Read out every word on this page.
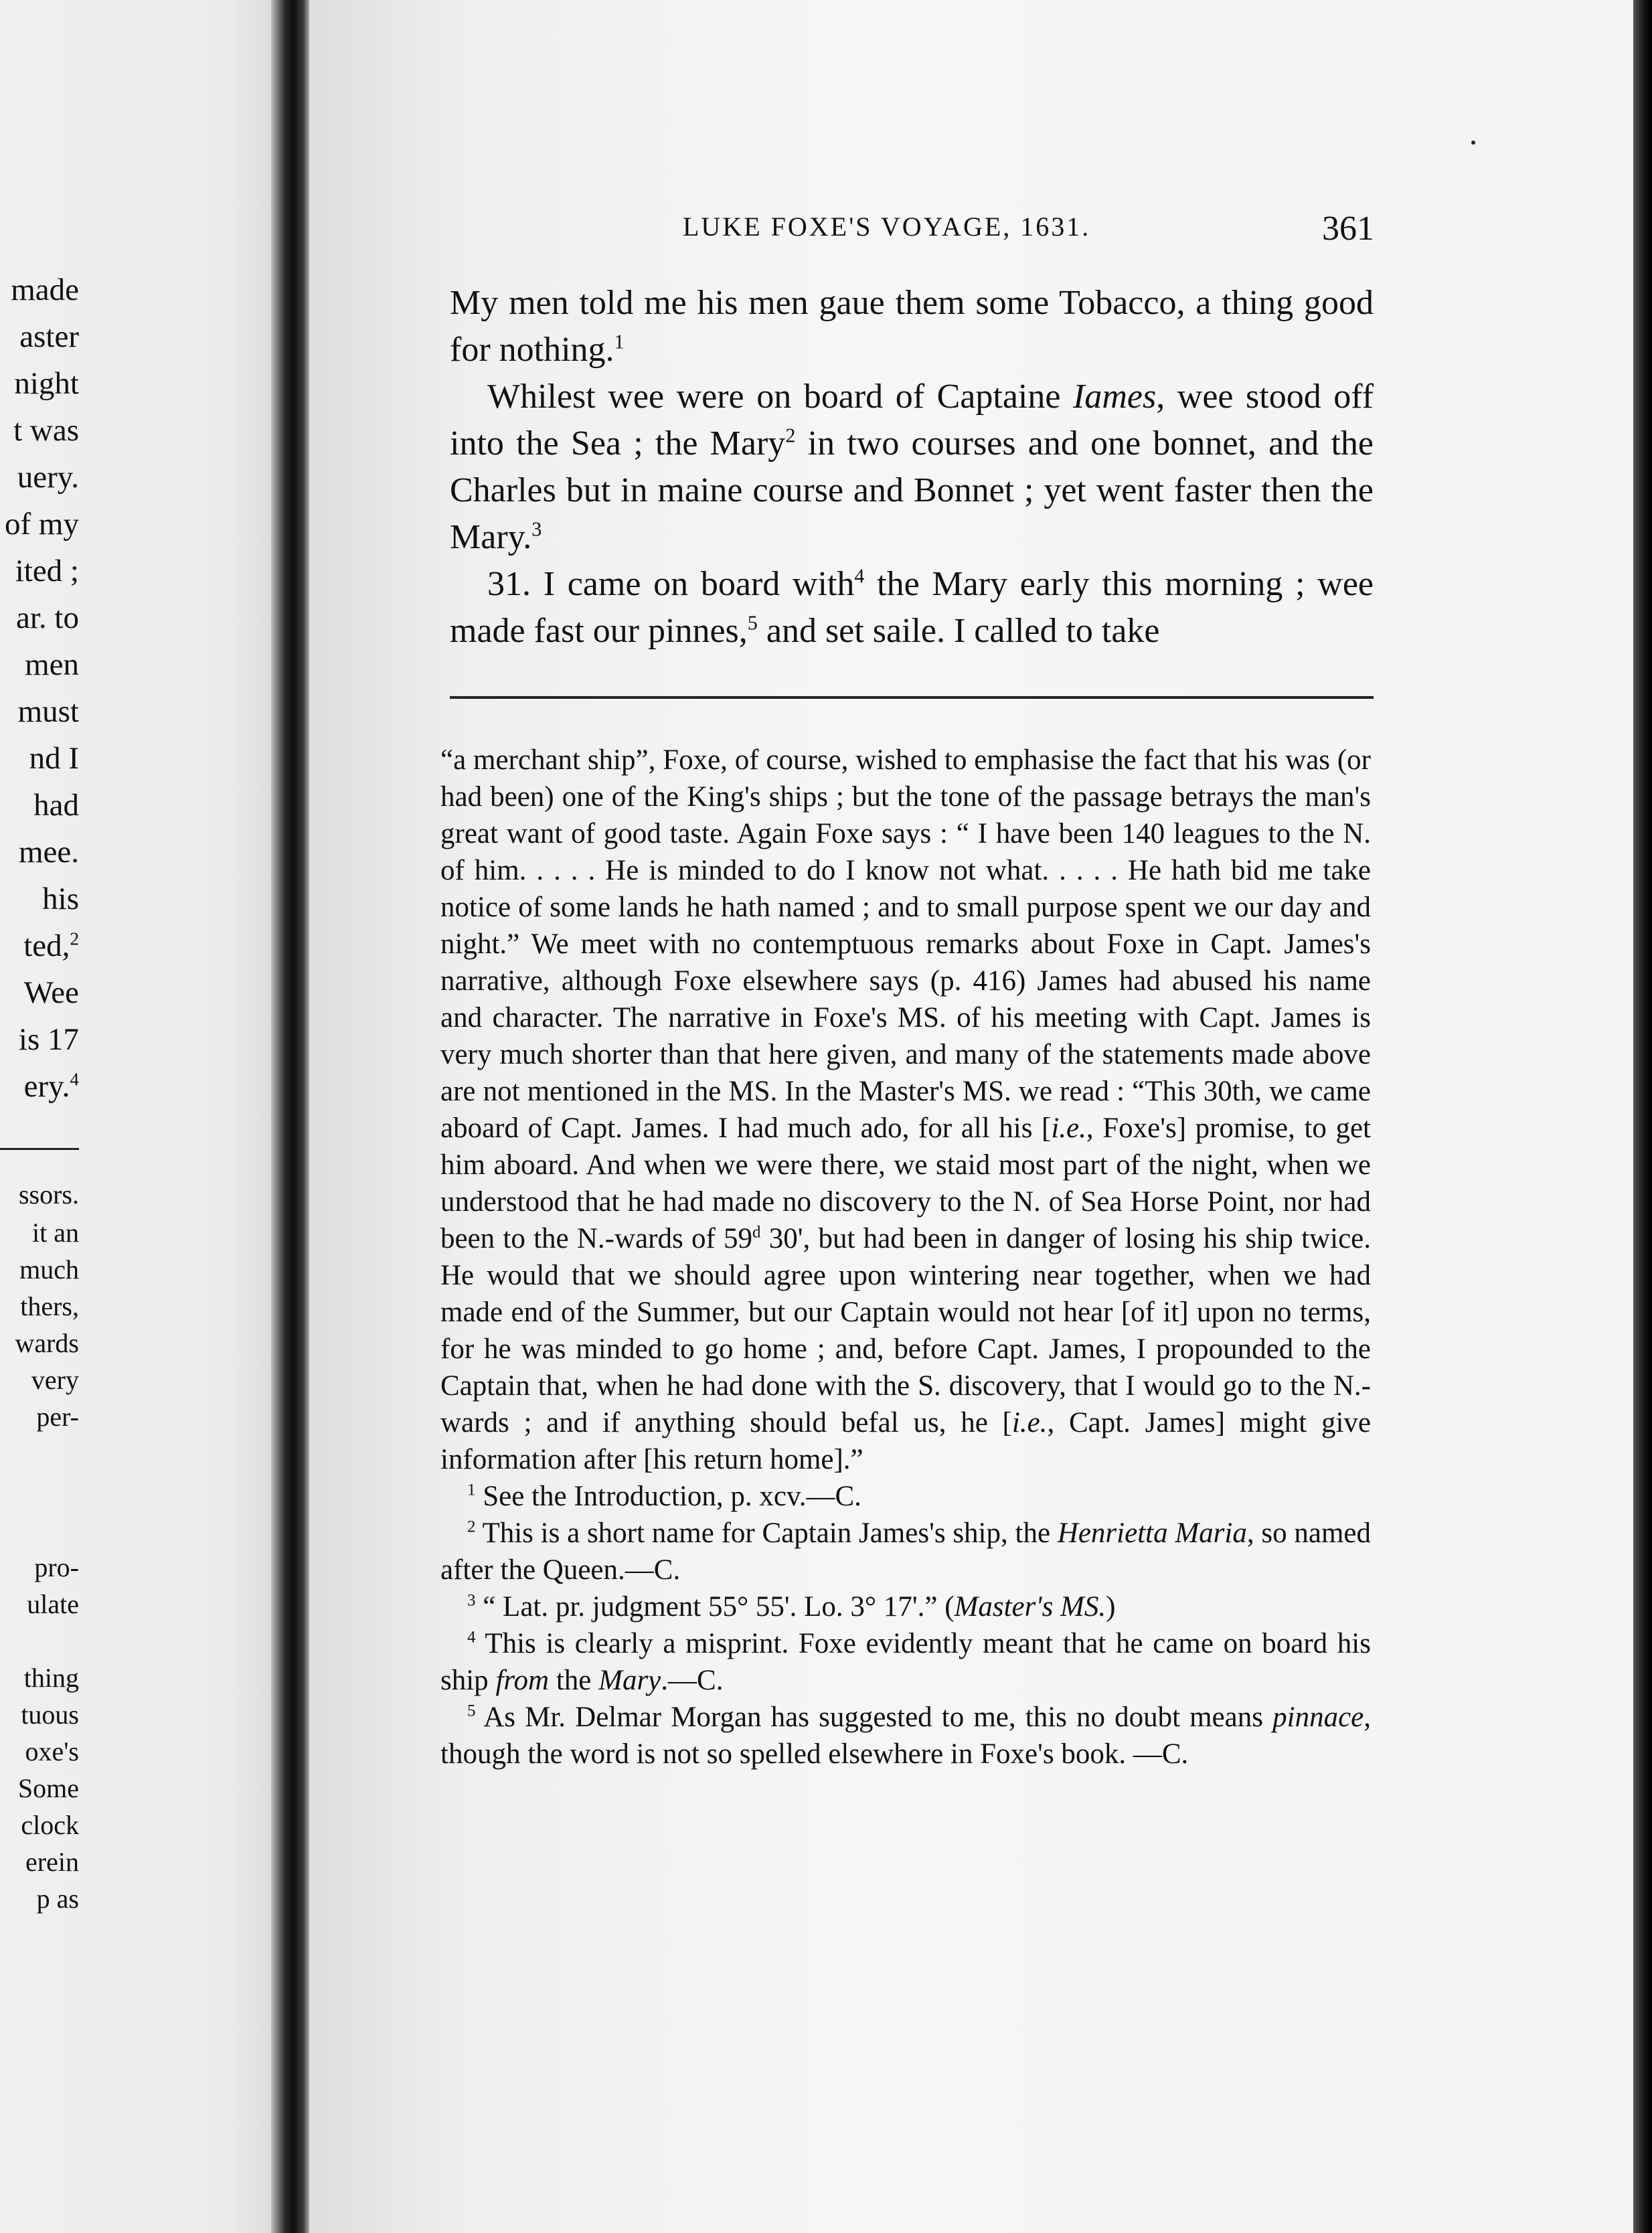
made
aster
night
t was
uery.
of my
ited ;
ar. to
men
must
nd I
had
mee.
his
ted,$^2$
Wee
is 17
ery.$^4$
ssors.
it an
much
thers,
wards
very
per-
pro-
ulate
thing
tuous
oxe's
Some
clock
erein
p as
LUKE FOXE'S VOYAGE, 1631.	361

My men told me his men gaue them some Tobacco, a thing good for nothing.$^1$

Whilest wee were on board of Captaine Iames, wee stood off into the Sea ; the Mary$^2$ in two courses and one bonnet, and the Charles but in maine course and Bonnet ; yet went faster then the Mary.$^3$

31. I came on board with$^4$ the Mary early this morning ; wee made fast our pinnes,$^5$ and set saile. I called to take

“a merchant ship”, Foxe, of course, wished to emphasise the fact that his was (or had been) one of the King's ships ; but the tone of the passage betrays the man's great want of good taste. Again Foxe says : “ I have been 140 leagues to the N. of him. . . . . He is minded to do I know not what. . . . . He hath bid me take notice of some lands he hath named ; and to small purpose spent we our day and night.” We meet with no contemptuous remarks about Foxe in Capt. James's narrative, although Foxe elsewhere says (p. 416) James had abused his name and character. The narrative in Foxe's MS. of his meeting with Capt. James is very much shorter than that here given, and many of the statements made above are not mentioned in the MS. In the Master's MS. we read : “This 30th, we came aboard of Capt. James. I had much ado, for all his [i.e., Foxe's] promise, to get him aboard. And when we were there, we staid most part of the night, when we understood that he had made no discovery to the N. of Sea Horse Point, nor had been to the N.-wards of 59$^d$ 30', but had been in danger of losing his ship twice. He would that we should agree upon wintering near together, when we had made end of the Summer, but our Captain would not hear [of it] upon no terms, for he was minded to go home ; and, before Capt. James, I propounded to the Captain that, when he had done with the S. discovery, that I would go to the N.-wards ; and if anything should befal us, he [i.e., Capt. James] might give information after [his return home].”

$^1$ See the Introduction, p. xcv.—C.

$^2$ This is a short name for Captain James's ship, the Henrietta Maria, so named after the Queen.—C.

$^3$ “ Lat. pr. judgment 55° 55'. Lo. 3° 17'.” (Master's MS.)

$^4$ This is clearly a misprint. Foxe evidently meant that he came on board his ship from the Mary.—C.

$^5$ As Mr. Delmar Morgan has suggested to me, this no doubt means pinnace, though the word is not so spelled elsewhere in Foxe's book. —C.
